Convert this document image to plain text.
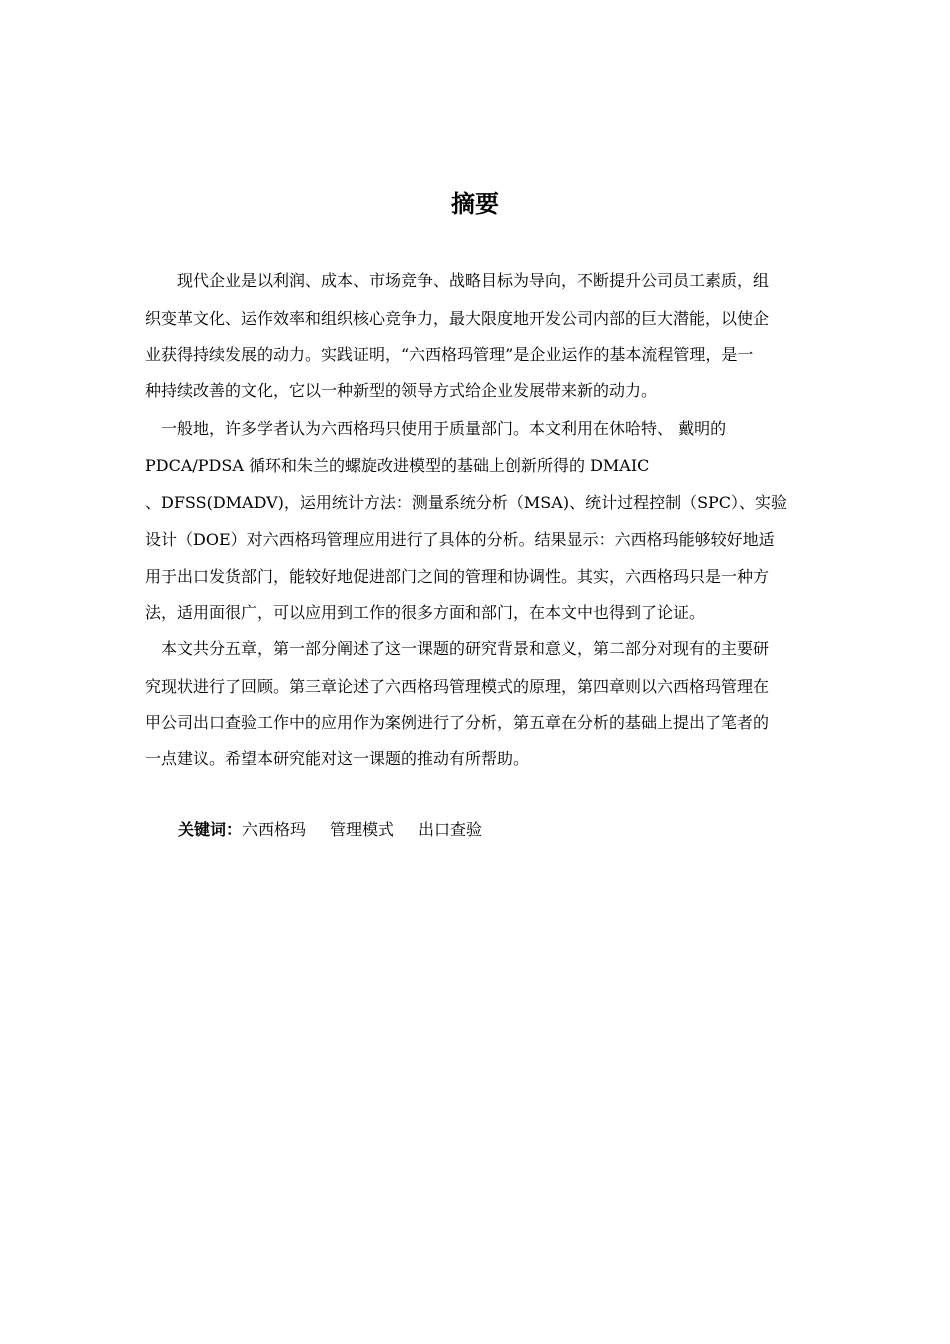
摘要
现代企业是以利润、成本、市场竞争、战略目标为导向，不断提升公司员工素质，组
织变革文化、运作效率和组织核心竞争力，最大限度地开发公司内部的巨大潜能，以使企
业获得持续发展的动力。实践证明，“六西格玛管理”是企业运作的基本流程管理，是一
种持续改善的文化，它以一种新型的领导方式给企业发展带来新的动力。
一般地，许多学者认为六西格玛只使用于质量部门。本文利用在休哈特、 戴明的
PDCA/PDSA 循环和朱兰的螺旋改进模型的基础上创新所得的 DMAIC
、DFSS(DMADV)，运用统计方法：测量系统分析（MSA)、统计过程控制（SPC）、实验
设计（DOE）对六西格玛管理应用进行了具体的分析。结果显示：六西格玛能够较好地适
用于出口发货部门，能较好地促进部门之间的管理和协调性。其实，六西格玛只是一种方
法，适用面很广，可以应用到工作的很多方面和部门，在本文中也得到了论证。
本文共分五章，第一部分阐述了这一课题的研究背景和意义，第二部分对现有的主要研
究现状进行了回顾。第三章论述了六西格玛管理模式的原理，第四章则以六西格玛管理在
甲公司出口查验工作中的应用作为案例进行了分析，第五章在分析的基础上提出了笔者的
一点建议。希望本研究能对这一课题的推动有所帮助。
关键词：六西格玛 管理模式 出口查验
